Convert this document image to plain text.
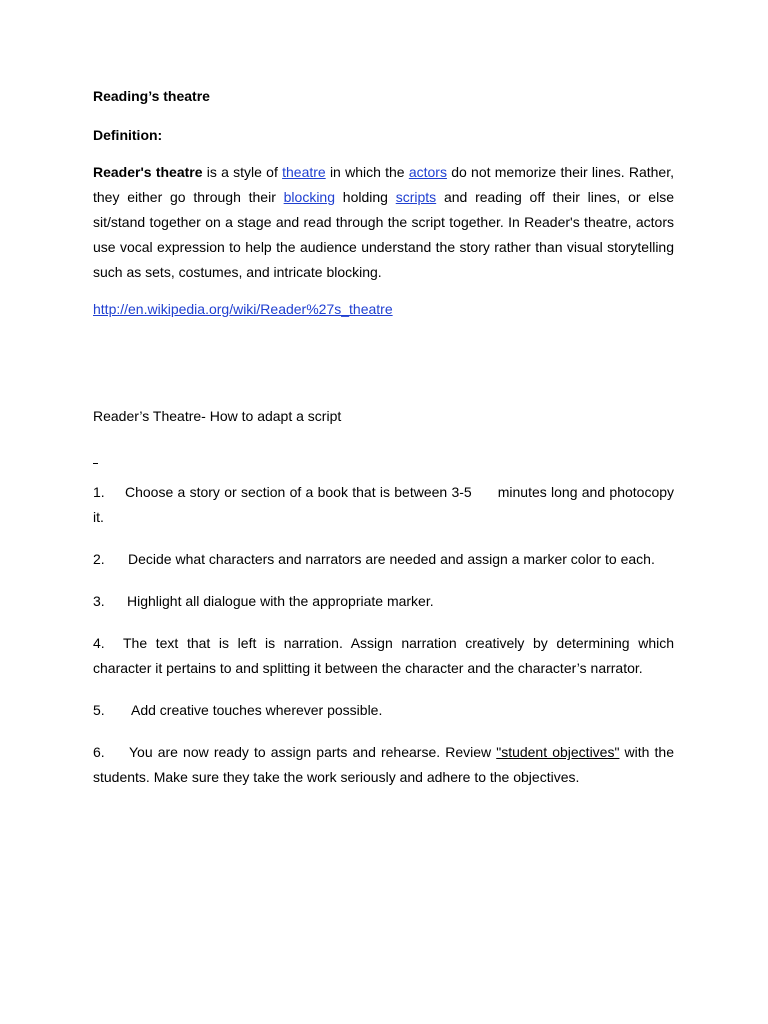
Reading’s theatre

Definition:

Reader's theatre is a style of theatre in which the actors do not memorize their lines. Rather, they either go through their blocking holding scripts and reading off their lines, or else sit/stand together on a stage and read through the script together. In Reader's theatre, actors use vocal expression to help the audience understand the story rather than visual storytelling such as sets, costumes, and intricate blocking.

http://en.wikipedia.org/wiki/Reader%27s_theatre

Reader’s Theatre- How to adapt a script

1. Choose a story or section of a book that is between 3-5 minutes long and photocopy it.
2. Decide what characters and narrators are needed and assign a marker color to each.
3. Highlight all dialogue with the appropriate marker.
4. The text that is left is narration. Assign narration creatively by determining which character it pertains to and splitting it between the character and the character’s narrator.
5. Add creative touches wherever possible.
6. You are now ready to assign parts and rehearse. Review "student objectives" with the students. Make sure they take the work seriously and adhere to the objectives.
